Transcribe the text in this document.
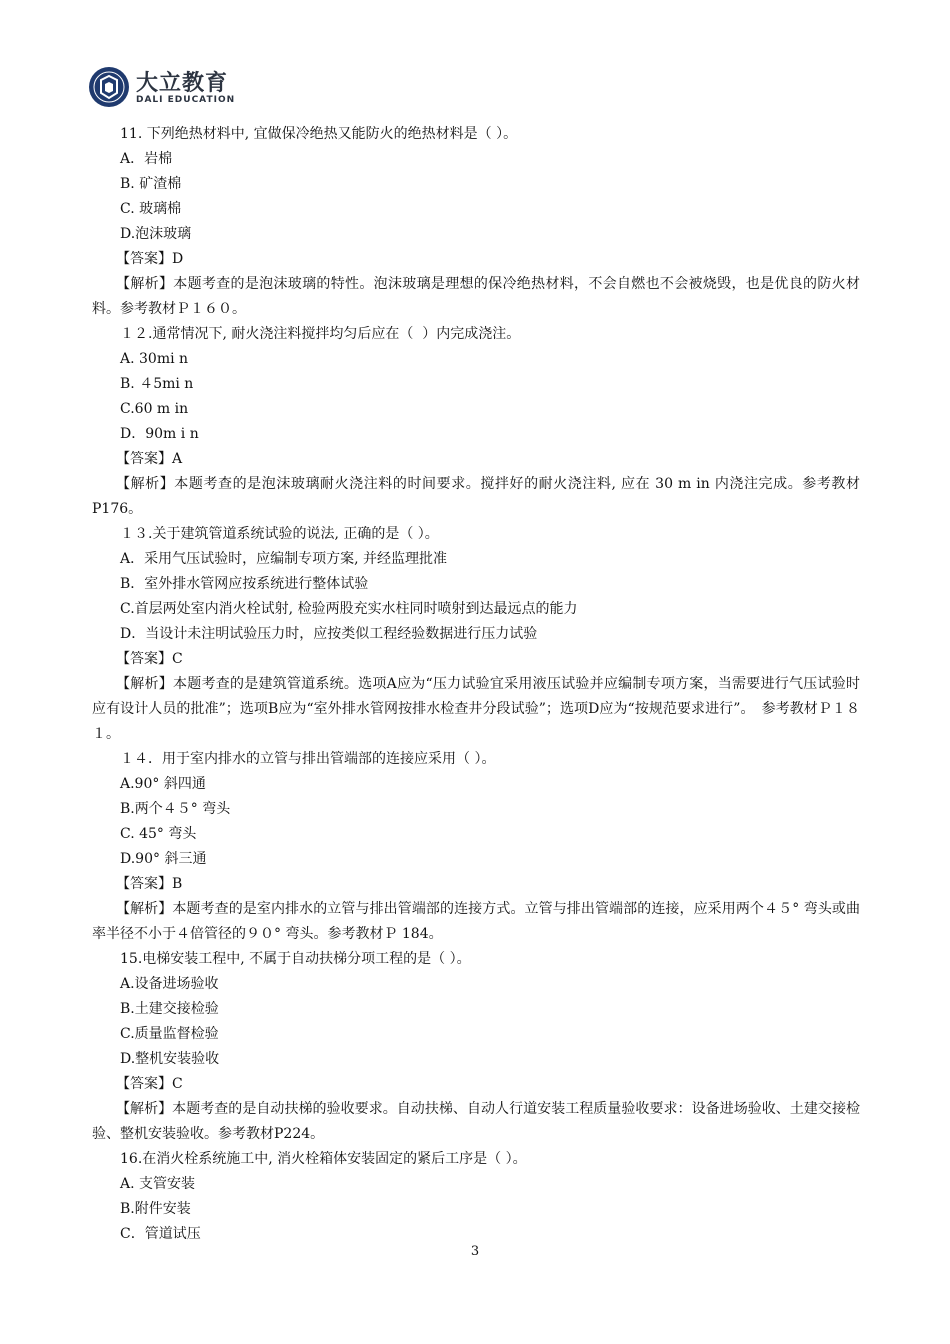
大立教育
DALI EDUCATION
11. 下列绝热材料中, 宜做保冷绝热又能防火的绝热材料是（ ）。
A．岩棉
B. 矿渣棉
C. 玻璃棉
D.泡沫玻璃
【答案】D
【解析】本题考查的是泡沫玻璃的特性。泡沫玻璃是理想的保冷绝热材料，不会自燃也不会被烧毁，也是优良的防火材料。参考教材Ｐ１６０。
１２.通常情况下, 耐火浇注料搅拌均匀后应在（  ）内完成浇注。
A. 30mi n
B. ４5mi n
C.60 m in
D．90m i n
【答案】A
【解析】本题考查的是泡沫玻璃耐火浇注料的时间要求。搅拌好的耐火浇注料, 应在 30 m in 内浇注完成。参考教材P176。
１３.关于建筑管道系统试验的说法, 正确的是（ ）。
A．采用气压试验时，应编制专项方案, 并经监理批准
B．室外排水管网应按系统进行整体试验
C.首层两处室内消火栓试射, 检验两股充实水柱同时喷射到达最远点的能力
D．当设计未注明试验压力时，应按类似工程经验数据进行压力试验
【答案】C
【解析】本题考查的是建筑管道系统。选项A应为“压力试验宜采用液压试验并应编制专项方案，当需要进行气压试验时应有设计人员的批准”；选项B应为“室外排水管网按排水检查井分段试验”；选项D应为“按规范要求进行”。　参考教材Ｐ１８１。
１４．用于室内排水的立管与排出管端部的连接应采用（ ）。
A.90° 斜四通
B.两个４５° 弯头
C. 45° 弯头
D.90° 斜三通
【答案】B
【解析】本题考查的是室内排水的立管与排出管端部的连接方式。立管与排出管端部的连接，应采用两个４５° 弯头或曲率半径不小于４倍管径的９０° 弯头。参考教材Ｐ 184。
15.电梯安装工程中, 不属于自动扶梯分项工程的是（ ）。
A.设备进场验收
B.土建交接检验
C.质量监督检验
D.整机安装验收
【答案】C
【解析】本题考查的是自动扶梯的验收要求。自动扶梯、自动人行道安装工程质量验收要求：设备进场验收、土建交接检验、整机安装验收。参考教材P224。
16.在消火栓系统施工中, 消火栓箱体安装固定的紧后工序是（ ）。
A. 支管安装
B.附件安装
C．管道试压
3
